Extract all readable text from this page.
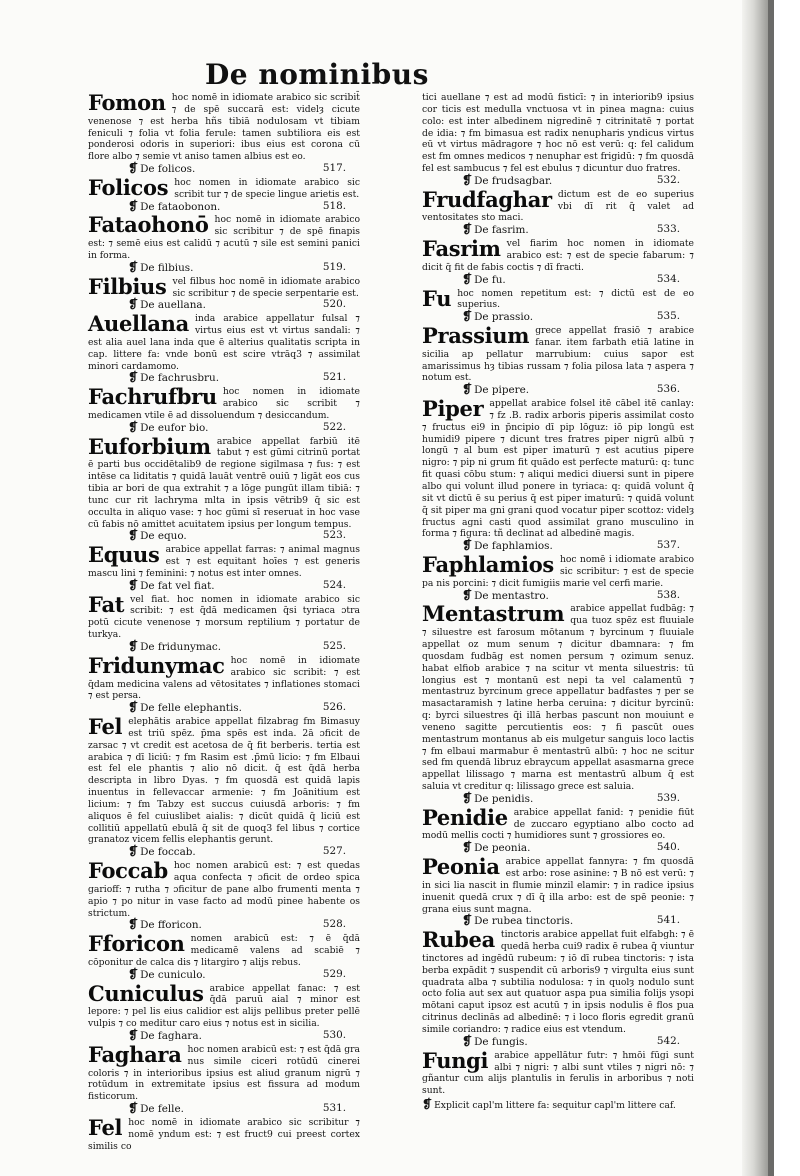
De nominibus
Fomon hoc nomē in idiomate arabico sic scribit̄ ⁊ de spē succarā est: videlȝ cicute venenose ⁊ est herba hñs tibiā nodulosam vt tibiam feniculi ⁊ folia vt folia ferule: tamen subtiliora eis est ponderosi odoris in superiori: ibus eius est corona cū flore albo ⁊ semie vt aniso tamen albius est eo.
❡ De folicos.	517.
Folicos hoc nomen in idiomate arabico sic scribit tur ⁊ de specie lingue arietis est.
❡ De fataobonon.	518.
Fataohonō hoc nomē in idiomate arabico sic scribitur ⁊ de spē finapis est: ⁊ semē eius est calidū ⁊ acutū ⁊ sile est semini panici in forma.
❡ De filbius.	519.
Filbius vel filbus hoc nomē in idiomate arabico sic scribitur ⁊ de specie serpentarie est.
❡ De auellana.	520.
Auellana inda arabice appellatur fulsal ⁊ virtus eius est vt virtus sandali: ⁊ est alia auel lana inda que ē alterius qualitatis scripta in cap. littere fa: vnde bonū est scire vtrāq3 ⁊ assimilat minori cardamomo.
❡ De fachrusbru.	521.
Fachrufbru hoc nomen in idiomate arabico sic scribit ⁊ medicamen vtile ē ad dissoluendum ⁊ desiccandum.
❡ De eufor bio.	522.
Euforbium arabice appellat farbiū itē tabut ⁊ est gūmi citrinū portat ē parti bus occidētalib9 de regione sigilmasa ⁊ fus: ⁊ est intēse ca liditatis ⁊ quidā lauāt ventrē ouiū ⁊ ligāt eos cus tibia ar bori de qua extrahit ⁊ a lōge pungūt illam tibiā: ⁊ tunc cur rit lachryma mlta in ipsis vētrib9 q̄ sic est occulta in aliquo vase: ⁊ hoc gūmi sī reseruat in hoc vase cū fabis nō amittet acuitatem ipsius per longum tempus.
❡ De equo.	523.
Equus arabice appellat farras: ⁊ animal magnus est ⁊ est equitant hoīes ⁊ est generis mascu lini ⁊ feminini: ⁊ notus est inter omnes.
❡ De fat vel fiat.	524.
Fat vel fiat. hoc nomen in idiomate arabico sic scribit: ⁊ est q̄dā medicamen q̄si tyriaca ɔtra potū cicute venenose ⁊ morsum reptilium ⁊ portatur de turkya.
❡ De fridunymac.	525.
Fridunymac hoc nomē in idiomate arabico sic scribit: ⁊ est q̄dam medicina valens ad vētositates ⁊ inflationes stomaci ⁊ est persa.
❡ De felle elephantis.	526.
Fel elephātis arabice appellat filzabrag fm Bimasuy est triū spēz. p̄ma spēs est inda. 2ā ɔficit de zarsac ⁊ vt credit est acetosa de q̄ fit berberis. tertia est arabica ⁊ dī liciū: ⁊ fm Rasim est .p̄mū licio: ⁊ fm Elbaui est fel ele phantis ⁊ alio nō dicit. q̄ est q̄dā herba descripta in libro Dyas. ⁊ fm quosdā est quidā lapis inuentus in fellevaccar armenie: ⁊ fm Joānitium est licium: ⁊ fm Tabzy est succus cuiusdā arboris: ⁊ fm aliquos ē fel cuiuslibet aialis: ⁊ dicūt quidā q̄ liciū est collitiū appellatū ebulā q̄ sit de quoq3 fel libus ⁊ cortice granatoz vicem fellis elephantis gerunt.
❡ De foccab.	527.
Foccab hoc nomen arabicū est: ⁊ est quedas aqua confecta ⁊ ɔficit de ordeo spica garioff: ⁊ rutha ⁊ ɔficitur de pane albo frumenti menta ⁊ apio ⁊ po nitur in vase facto ad modū pinee habente os strictum.
❡ De fforicon.	528.
Fforicon nomen arabicū est: ⁊ ē q̄dā medicamē valens ad scabiē ⁊ cōponitur de calca dis ⁊ litargiro ⁊ alijs rebus.
❡ De cuniculo.	529.
Cuniculus arabice appellat fanac: ⁊ est q̄dā paruū aial ⁊ minor est lepore: ⁊ pel lis eius calidior est alijs pellibus preter pellē vulpis ⁊ co meditur caro eius ⁊ notus est in sicilia.
❡ De faghara.	530.
Faghara hoc nomen arabicū est: ⁊ est q̄dā gra nus simile ciceri rotūdū cinerei coloris ⁊ in interioribus ipsius est aliud granum nigrū ⁊ rotūdum in extremitate ipsius est fissura ad modum fisticorum.
❡ De felle.	531.
Fel hoc nomē in idiomate arabico sic scribitur ⁊ nomē yndum est: ⁊ est fruct9 cui preest cortex similis co
tici auellane ⁊ est ad modū fisticī: ⁊ in interiorib9 ipsius cor ticis est medulla vnctuosa vt in pinea magna: cuius colo: est inter albedinem nigredinē ⁊ citrinitatē ⁊ portat de idia: ⁊ fm bimasua est radix nenupharis yndicus virtus eū vt virtus mādragore ⁊ hoc nō est verū: q: fel calidum est fm omnes medicos ⁊ nenuphar est frigidū: ⁊ fm quosdā fel est sambucus ⁊ fel est ebulus ⁊ dicuntur duo fratres.
❡ De frudsagbar.	532.
Frudfaghar dictum est de eo superius vbi dī rit q̄ valet ad ventositates sto maci.
❡ De fasrim.	533.
Fasrim vel fiarim hoc nomen in idiomate arabico est: ⁊ est de specie fabarum: ⁊ dicit q̄ fit de fabis coctis ⁊ dī fracti.
❡ De fu.	534.
Fu hoc nomen repetitum est: ⁊ dictū est de eo superius.
❡ De prassio.	535.
Prassium grece appellat frasiō ⁊ arabice fanar. item farbath etiā latine in sicilia ap pellatur marrubium: cuius sapor est amarissimus hȝ tibias russam ⁊ folia pilosa lata ⁊ aspera ⁊ notum est.
❡ De pipere.	536.
Piper appellat arabice folsel itē cābel itē canlay: ⁊ fz .B. radix arboris piperis assimilat costo ⁊ fructus ei9 in p̄ncipio dī pip lōguz: iō pip longū est humidi9 pipere ⁊ dicunt tres fratres piper nigrū albū ⁊ longū ⁊ al bum est piper imaturū ⁊ est acutius pipere nigro: ⁊ pip ni grum fit quādo est perfecte maturū: q: tunc fit quasi cōbu stum: ⁊ aliqui medici diuersi sunt in pipere albo qui volunt illud ponere in tyriaca: q: quidā volunt q̄ sit vt dictū ē su perius q̄ est piper imaturū: ⁊ quidā volunt q̄ sit piper ma gni grani quod vocatur piper scottoz: videlȝ fructus agni casti quod assimilat grano musculino in forma ⁊ figura: tñ declinat ad albedinē magis.
❡ De faphlamios.	537.
Faphlamios hoc nomē i idiomate arabico sic scribitur: ⁊ est de specie pa nis porcini: ⁊ dicit fumigiis marie vel cerfi marie.
❡ De mentastro.	538.
Mentastrum arabice appellat fudbāg: ⁊ qua tuoz spēz est fluuiale ⁊ siluestre est farosum mōtanum ⁊ byrcinum ⁊ fluuiale appellat oz mum senum ⁊ dicitur dbamnara: ⁊ fm quosdam fudbāg est nomen persum ⁊ ozimum senuz. habat elfiob arabice ⁊ na scitur vt menta siluestris: tū longius est ⁊ montanū est nepi ta vel calamentū ⁊ mentastruz byrcinum grece appellatur badfastes ⁊ per se masactaramish ⁊ latine herba ceruina: ⁊ dicitur byrcinū: q: byrci siluestres q̄i illā herbas pascunt non mouiunt e veneno sagitte percutientis eos: ⁊ fi pascūt oues mentastrum montanus ab eis mulgetur sanguis loco lactis ⁊ fm elbaui marmabur ē mentastrū albū: ⁊ hoc ne scitur sed fm quendā libruz ebraycum appellat asasmarna grece appellat lilissago ⁊ marna est mentastrū album q̄ est saluia vt creditur q: lilissago grece est saluia.
❡ De penidis.	539.
Penidie arabice appellat fanid: ⁊ penidie fiūt de zuccaro egyptiano albo cocto ad modū mellis cocti ⁊ humidiores sunt ⁊ grossiores eo.
❡ De peonia.	540.
Peonia arabice appellat fannyra: ⁊ fm quosdā est arbo: rose asinine: ⁊ B nō est verū: ⁊ in sici lia nascit in flumie minzil elamir: ⁊ in radice ipsius inuenit quedā crux ⁊ dī q̄ illa arbo: est de spē peonie: ⁊ grana eius sunt magna.
❡ De rubea tinctoris.	541.
Rubea tinctoris arabice appellat fuit elfabgh: ⁊ ē quedā herba cui9 radix ē rubea q̄ viuntur tinctores ad ingēdū rubeum: ⁊ iō dī rubea tinctoris: ⁊ ista berba expādit ⁊ suspendit cū arboris9 ⁊ virgulta eius sunt quadrata alba ⁊ subtilia nodulosa: ⁊ in quolȝ nodulo sunt octo folia aut sex aut quatuor aspa pua similia folijs ysopi mōtani caput ipsoz est acutū ⁊ in ipsis nodulis ē flos pua citrinus declinās ad albedinē: ⁊ i loco floris egredit granū simile coriandro: ⁊ radice eius est vtendum.
❡ De fungis.	542.
Fungi arabice appellātur futr: ⁊ hmōi fūgi sunt albi ⁊ nigri: ⁊ albi sunt vtiles ⁊ nigri nō: ⁊ gñantur cum alijs plantulis in ferulis in arboribus ⁊ noti sunt.
❡ Explicit capl'm littere fa: sequitur capl'm littere caf.
